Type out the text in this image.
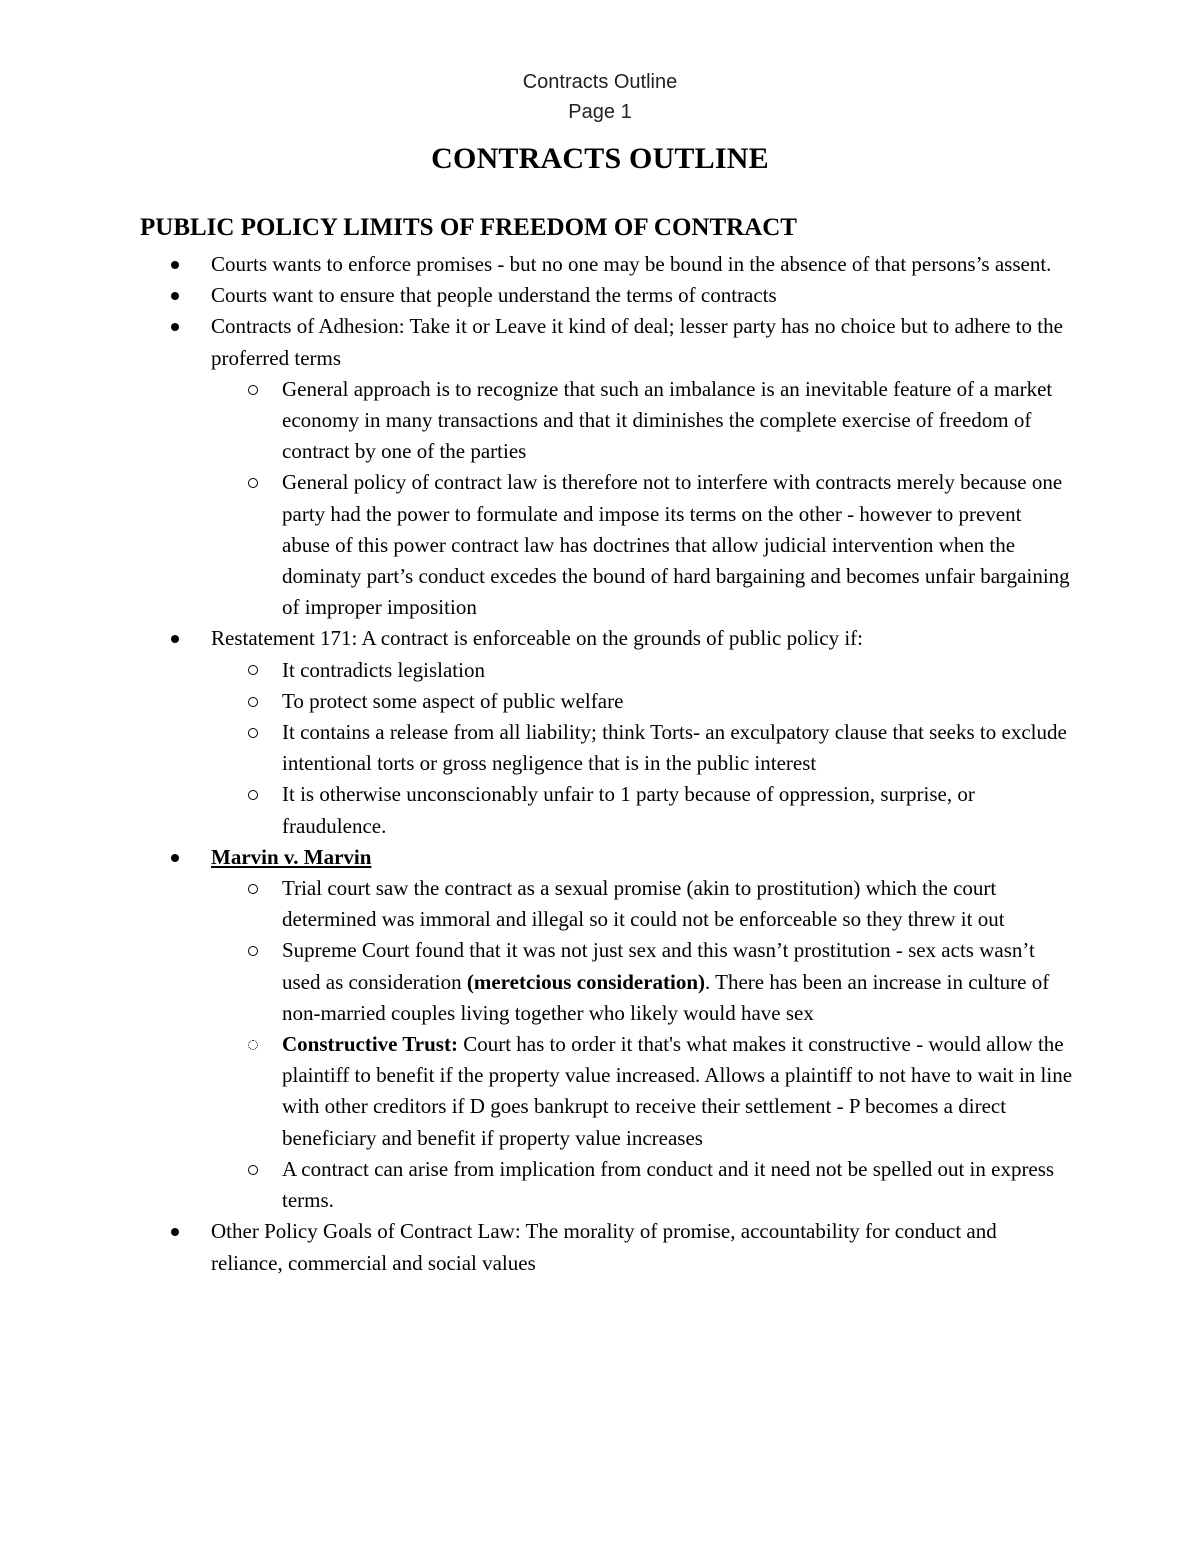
Contracts Outline
Page 1
CONTRACTS OUTLINE
PUBLIC POLICY LIMITS OF FREEDOM OF CONTRACT
Courts wants to enforce promises - but no one may be bound in the absence of that persons’s assent.
Courts want to ensure that people understand the terms of contracts
Contracts of Adhesion: Take it or Leave it kind of deal; lesser party has no choice but to adhere to the proferred terms
General approach is to recognize that such an imbalance is an inevitable feature of a market economy in many transactions and that it diminishes the complete exercise of freedom of contract by one of the parties
General policy of contract law is therefore not to interfere with contracts merely because one party had the power to formulate and impose its terms on the other - however to prevent abuse of this power contract law has doctrines that allow judicial intervention when the dominaty part’s conduct excedes the bound of hard bargaining and becomes unfair bargaining of improper imposition
Restatement 171: A contract is enforceable on the grounds of public policy if:
It contradicts legislation
To protect some aspect of public welfare
It contains a release from all liability; think Torts- an exculpatory clause that seeks to exclude intentional torts or gross negligence that is in the public interest
It is otherwise unconscionably unfair to 1 party because of oppression, surprise, or fraudulence.
Marvin v. Marvin
Trial court saw the contract as a sexual promise (akin to prostitution) which the court determined was immoral and illegal so it could not be enforceable so they threw it out
Supreme Court found that it was not just sex and this wasn’t prostitution - sex acts wasn’t used as consideration (meretcious consideration). There has been an increase in culture of non-married couples living together who likely would have sex
Constructive Trust: Court has to order it that's what makes it constructive - would allow the plaintiff to benefit if the property value increased. Allows a plaintiff to not have to wait in line with other creditors if D goes bankrupt to receive their settlement - P becomes a direct beneficiary and benefit if property value increases
A contract can arise from implication from conduct and it need not be spelled out in express terms.
Other Policy Goals of Contract Law: The morality of promise, accountability for conduct and reliance, commercial and social values
